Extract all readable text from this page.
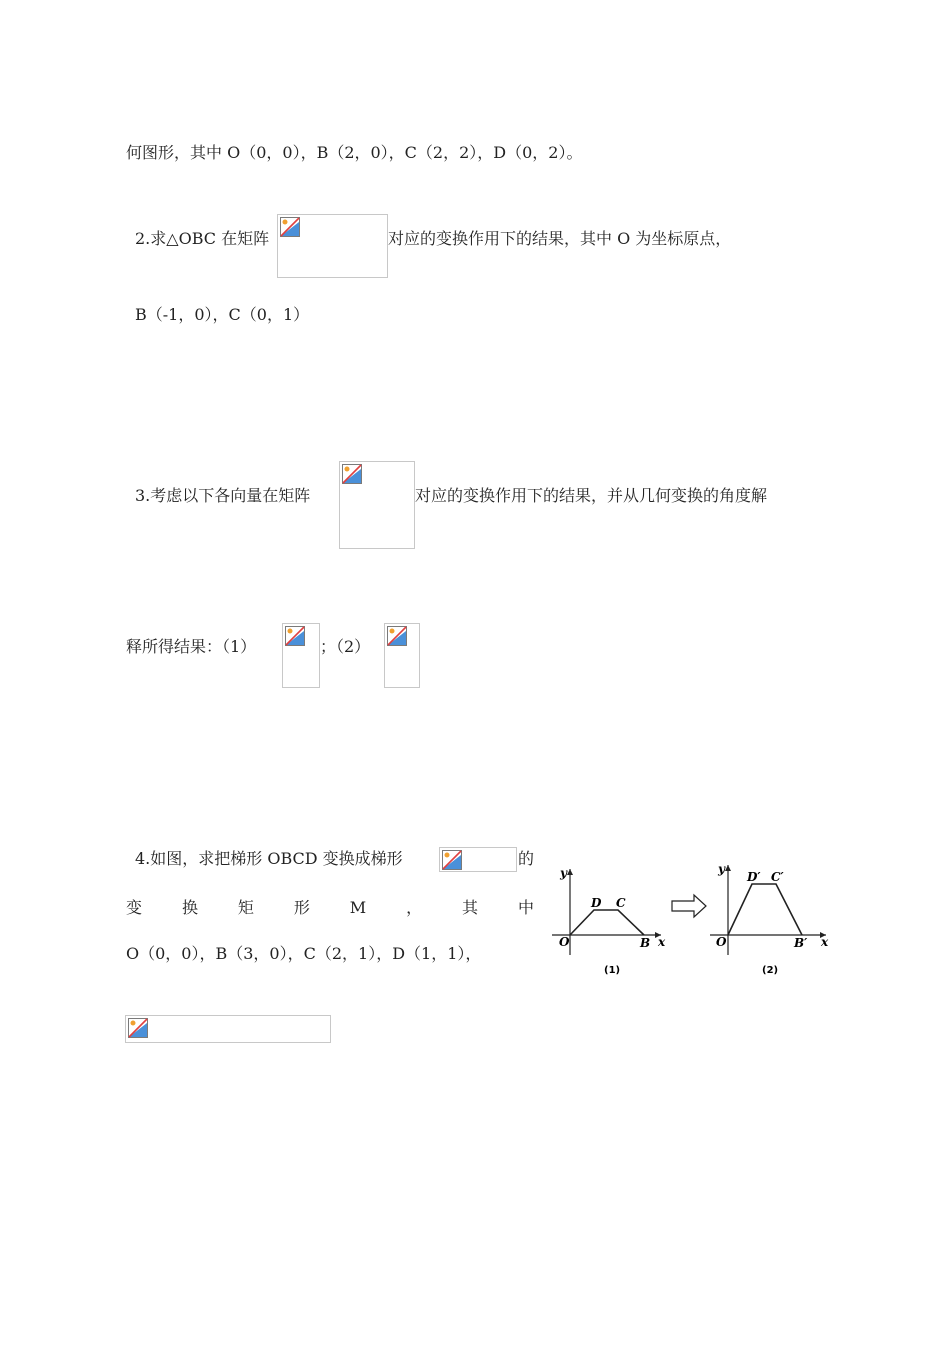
何图形，其中 O（0，0），B（2，0），C（2，2），D（0，2）。
2.求△OBC 在矩阵	对应的变换作用下的结果，其中 O 为坐标原点，
B（-1，0），C（0，1）
3.考虑以下各向量在矩阵	对应的变换作用下的结果，并从几何变换的角度解
释所得结果：（1）	；（2）
4.如图，求把梯形 OBCD 变换成梯形	的
变 换 矩 形 M ， 其 中
O（0，0），B（3，0），C（2，1），D（1，1），
y
x
O	B
D C
(1)
y
x
O	B′
D′ C′
(2)
